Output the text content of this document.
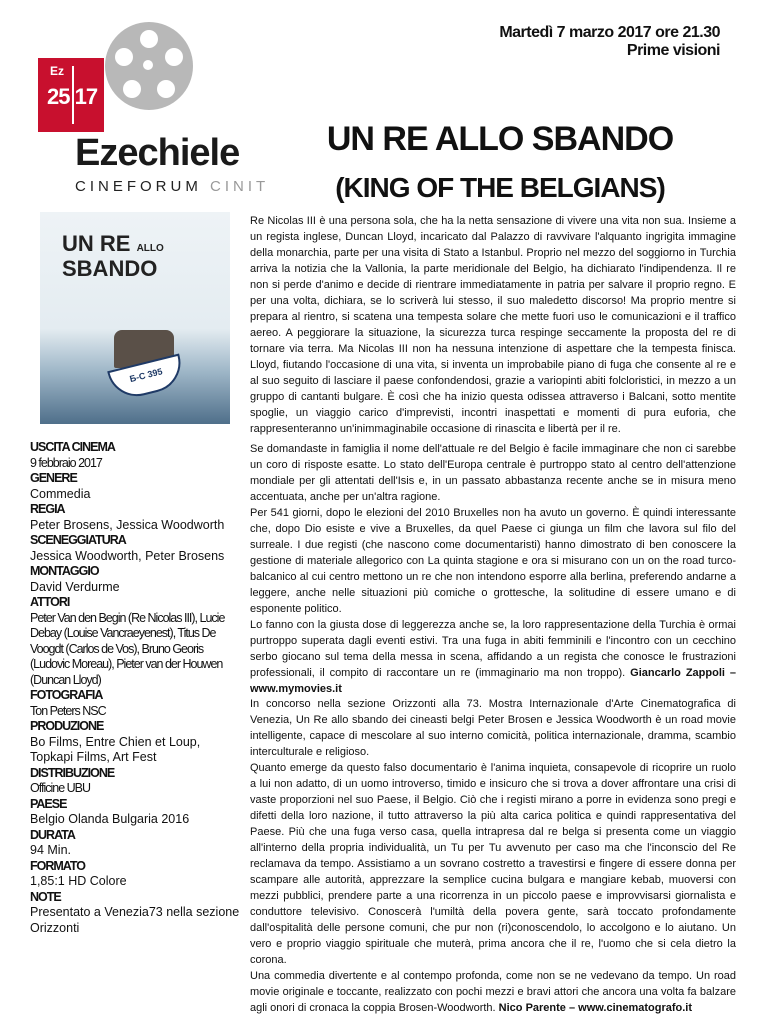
Martedì 7 marzo 2017 ore 21.30
Prime visioni
Ez
25 17
Ezechiele
CINEFORUM CINIT
UN RE ALLO SBANDO
(KING OF THE BELGIANS)
UN RE ALLO
SBANDO
Б-С 395
USCITA CINEMA
9 febbraio 2017
GENERE
Commedia
REGIA
Peter Brosens, Jessica Woodworth
SCENEGGIATURA
Jessica Woodworth, Peter Brosens
MONTAGGIO
David Verdurme
ATTORI
Peter Van den Begin (Re Nicolas III), Lucie Debay (Louise Vancraeyenest), Titus De Voogdt (Carlos de Vos), Bruno Georis (Ludovic Moreau), Pieter van der Houwen (Duncan Lloyd)
FOTOGRAFIA
Ton Peters NSC
PRODUZIONE
Bo Films, Entre Chien et Loup, Topkapi Films, Art Fest
DISTRIBUZIONE
Officine UBU
PAESE
Belgio Olanda Bulgaria 2016
DURATA
94 Min.
FORMATO
1,85:1 HD Colore
NOTE
Presentato a Venezia73 nella sezione Orizzonti

Re Nicolas III è una persona sola, che ha la netta sensazione di vivere una vita non sua. Insieme a un regista inglese, Duncan Lloyd, incaricato dal Palazzo di ravvivare l'alquanto ingrigita immagine della monarchia, parte per una visita di Stato a Istanbul. Proprio nel mezzo del soggiorno in Turchia arriva la notizia che la Vallonia, la parte meridionale del Belgio, ha dichiarato l'indipendenza. Il re non si perde d'animo e decide di rientrare immediatamente in patria per salvare il proprio regno. E per una volta, dichiara, se lo scriverà lui stesso, il suo maledetto discorso! Ma proprio mentre si prepara al rientro, si scatena una tempesta solare che mette fuori uso le comunicazioni e il traffico aereo. A peggiorare la situazione, la sicurezza turca respinge seccamente la proposta del re di tornare via terra. Ma Nicolas III non ha nessuna intenzione di aspettare che la tempesta finisca. Lloyd, fiutando l'occasione di una vita, si inventa un improbabile piano di fuga che consente al re e al suo seguito di lasciare il paese confondendosi, grazie a variopinti abiti folcloristici, in mezzo a un gruppo di cantanti bulgare. È così che ha inizio questa odissea attraverso i Balcani, sotto mentite spoglie, un viaggio carico d'imprevisti, incontri inaspettati e momenti di pura euforia, che rappresenteranno un'inimmaginabile occasione di rinascita e libertà per il re.

Se domandaste in famiglia il nome dell'attuale re del Belgio è facile immaginare che non ci sarebbe un coro di risposte esatte. Lo stato dell'Europa centrale è purtroppo stato al centro dell'attenzione mondiale per gli attentati dell'Isis e, in un passato abbastanza recente anche se in misura meno accentuata, anche per un'altra ragione.

Per 541 giorni, dopo le elezioni del 2010 Bruxelles non ha avuto un governo. È quindi interessante che, dopo Dio esiste e vive a Bruxelles, da quel Paese ci giunga un film che lavora sul filo del surreale. I due registi (che nascono come documentaristi) hanno dimostrato di ben conoscere la gestione di materiale allegorico con La quinta stagione e ora si misurano con un on the road turco-balcanico al cui centro mettono un re che non intendono esporre alla berlina, preferendo andarne a leggere, anche nelle situazioni più comiche o grottesche, la solitudine di essere umano e di esponente politico.

Lo fanno con la giusta dose di leggerezza anche se, la loro rappresentazione della Turchia è ormai purtroppo superata dagli eventi estivi. Tra una fuga in abiti femminili e l'incontro con un cecchino serbo giocano sul tema della messa in scena, affidando a un regista che conosce le frustrazioni professionali, il compito di raccontare un re (immaginario ma non troppo). Giancarlo Zappoli – www.mymovies.it

In concorso nella sezione Orizzonti alla 73. Mostra Internazionale d'Arte Cinematografica di Venezia, Un Re allo sbando dei cineasti belgi Peter Brosen e Jessica Woodworth è un road movie intelligente, capace di mescolare al suo interno comicità, politica internazionale, dramma, scambio interculturale e religioso.

Quanto emerge da questo falso documentario è l'anima inquieta, consapevole di ricoprire un ruolo a lui non adatto, di un uomo introverso, timido e insicuro che si trova a dover affrontare una crisi di vaste proporzioni nel suo Paese, il Belgio. Ciò che i registi mirano a porre in evidenza sono pregi e difetti della loro nazione, il tutto attraverso la più alta carica politica e quindi rappresentativa del Paese. Più che una fuga verso casa, quella intrapresa dal re belga si presenta come un viaggio all'interno della propria individualità, un Tu per Tu avvenuto per caso ma che l'inconscio del Re reclamava da tempo. Assistiamo a un sovrano costretto a travestirsi e fingere di essere donna per scampare alle autorità, apprezzare la semplice cucina bulgara e mangiare kebab, muoversi con mezzi pubblici, prendere parte a una ricorrenza in un piccolo paese e improvvisarsi giornalista e conduttore televisivo. Conoscerà l'umiltà della povera gente, sarà toccato profondamente dall'ospitalità delle persone comuni, che pur non (ri)conoscendolo, lo accolgono e lo aiutano. Un vero e proprio viaggio spirituale che muterà, prima ancora che il re, l'uomo che si cela dietro la corona.

Una commedia divertente e al contempo profonda, come non se ne vedevano da tempo. Un road movie originale e toccante, realizzato con pochi mezzi e bravi attori che ancora una volta fa balzare agli onori di cronaca la coppia Brosen-Woodworth. Nico Parente – www.cinematografo.it
